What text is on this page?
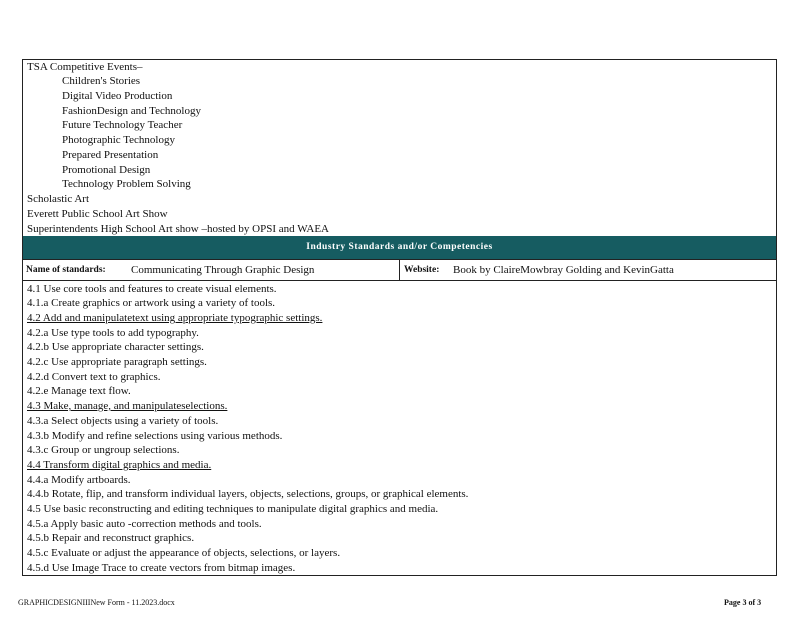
TSA Competitive Events–
Children's Stories
Digital Video Production
FashionDesign and Technology
Future Technology Teacher
Photographic Technology
Prepared Presentation
Promotional Design
Technology Problem Solving
Scholastic Art
Everett Public School Art Show
Superintendents High School Art show –hosted by OPSI and WAEA
Industry Standards and/or Competencies
Name of standards: Communicating Through Graphic Design	Website: Book by ClaireMowbray Golding and KevinGatta
4.1 Use core tools and features to create visual elements.
4.1.a Create graphics or artwork using a variety of tools.
4.2 Add and manipulatetext using appropriate typographic settings.
4.2.a Use type tools to add typography.
4.2.b Use appropriate character settings.
4.2.c Use appropriate paragraph settings.
4.2.d Convert text to graphics.
4.2.e Manage text flow.
4.3 Make, manage, and manipulateselections.
4.3.a Select objects using a variety of tools.
4.3.b Modify and refine selections using various methods.
4.3.c Group or ungroup selections.
4.4 Transform digital graphics and media.
4.4.a Modify artboards.
4.4.b Rotate, flip, and transform individual layers, objects, selections, groups, or graphical elements.
4.5 Use basic reconstructing and editing techniques to manipulate digital graphics and media.
4.5.a Apply basic auto -correction methods and tools.
4.5.b Repair and reconstruct graphics.
4.5.c Evaluate or adjust the appearance of objects, selections, or layers.
4.5.d Use Image Trace to create vectors from bitmap images.
GRAPHICDESIGNIIINew Form - 11.2023.docx	Page 3 of 3
